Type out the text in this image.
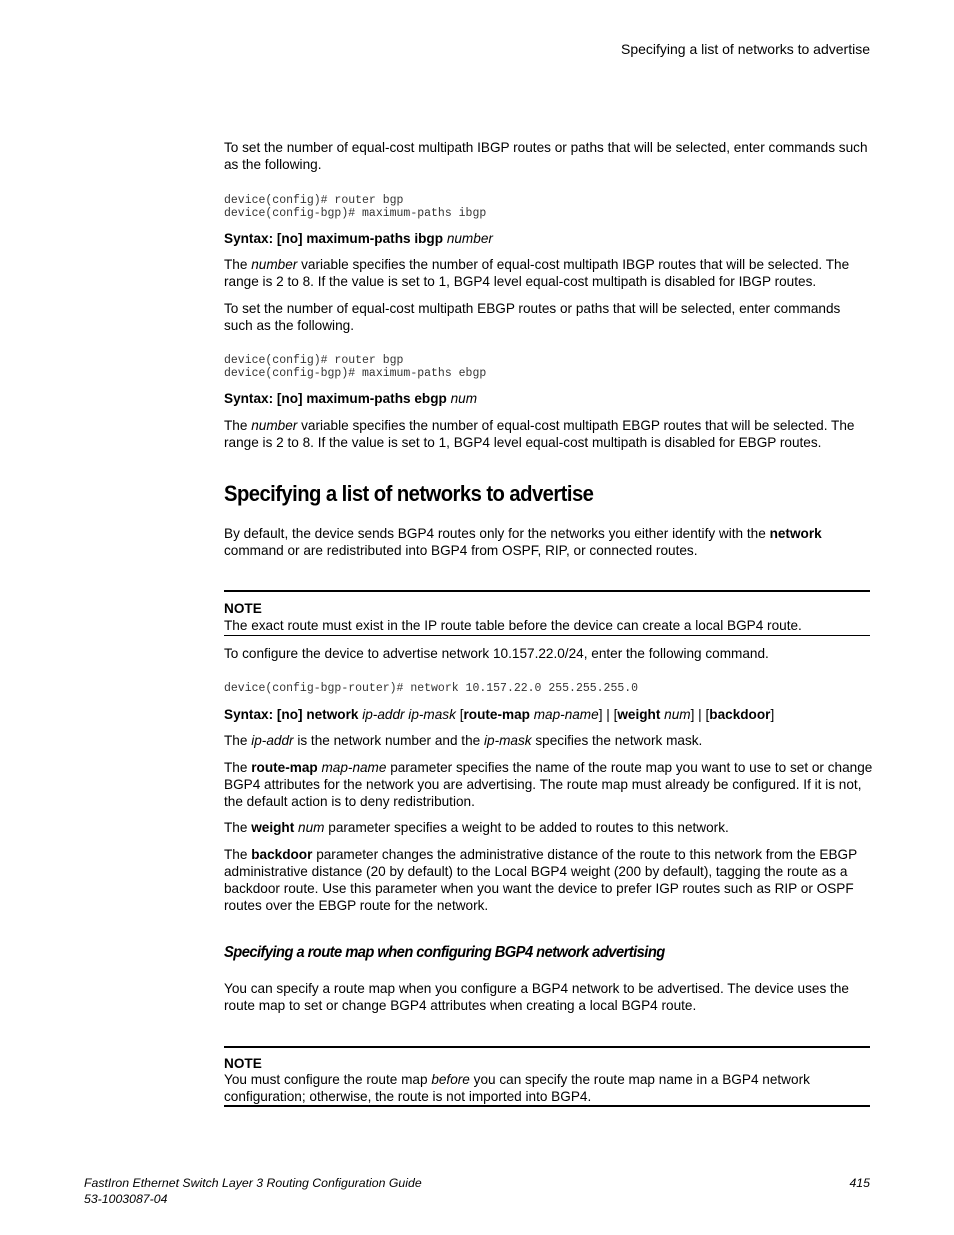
Specifying a list of networks to advertise
To set the number of equal-cost multipath IBGP routes or paths that will be selected, enter commands such as the following.
device(config)# router bgp
device(config-bgp)# maximum-paths ibgp
Syntax: [no] maximum-paths ibgp number
The number variable specifies the number of equal-cost multipath IBGP routes that will be selected. The range is 2 to 8. If the value is set to 1, BGP4 level equal-cost multipath is disabled for IBGP routes.
To set the number of equal-cost multipath EBGP routes or paths that will be selected, enter commands such as the following.
device(config)# router bgp
device(config-bgp)# maximum-paths ebgp
Syntax: [no] maximum-paths ebgp num
The number variable specifies the number of equal-cost multipath EBGP routes that will be selected. The range is 2 to 8. If the value is set to 1, BGP4 level equal-cost multipath is disabled for EBGP routes.
Specifying a list of networks to advertise
By default, the device sends BGP4 routes only for the networks you either identify with the network command or are redistributed into BGP4 from OSPF, RIP, or connected routes.
NOTE
The exact route must exist in the IP route table before the device can create a local BGP4 route.
To configure the device to advertise network 10.157.22.0/24, enter the following command.
device(config-bgp-router)# network 10.157.22.0 255.255.255.0
Syntax: [no] network ip-addr ip-mask [route-map map-name] | [weight num] | [backdoor]
The ip-addr is the network number and the ip-mask specifies the network mask.
The route-map map-name parameter specifies the name of the route map you want to use to set or change BGP4 attributes for the network you are advertising. The route map must already be configured. If it is not, the default action is to deny redistribution.
The weight num parameter specifies a weight to be added to routes to this network.
The backdoor parameter changes the administrative distance of the route to this network from the EBGP administrative distance (20 by default) to the Local BGP4 weight (200 by default), tagging the route as a backdoor route. Use this parameter when you want the device to prefer IGP routes such as RIP or OSPF routes over the EBGP route for the network.
Specifying a route map when configuring BGP4 network advertising
You can specify a route map when you configure a BGP4 network to be advertised. The device uses the route map to set or change BGP4 attributes when creating a local BGP4 route.
NOTE
You must configure the route map before you can specify the route map name in a BGP4 network configuration; otherwise, the route is not imported into BGP4.
FastIron Ethernet Switch Layer 3 Routing Configuration Guide
53-1003087-04
415
